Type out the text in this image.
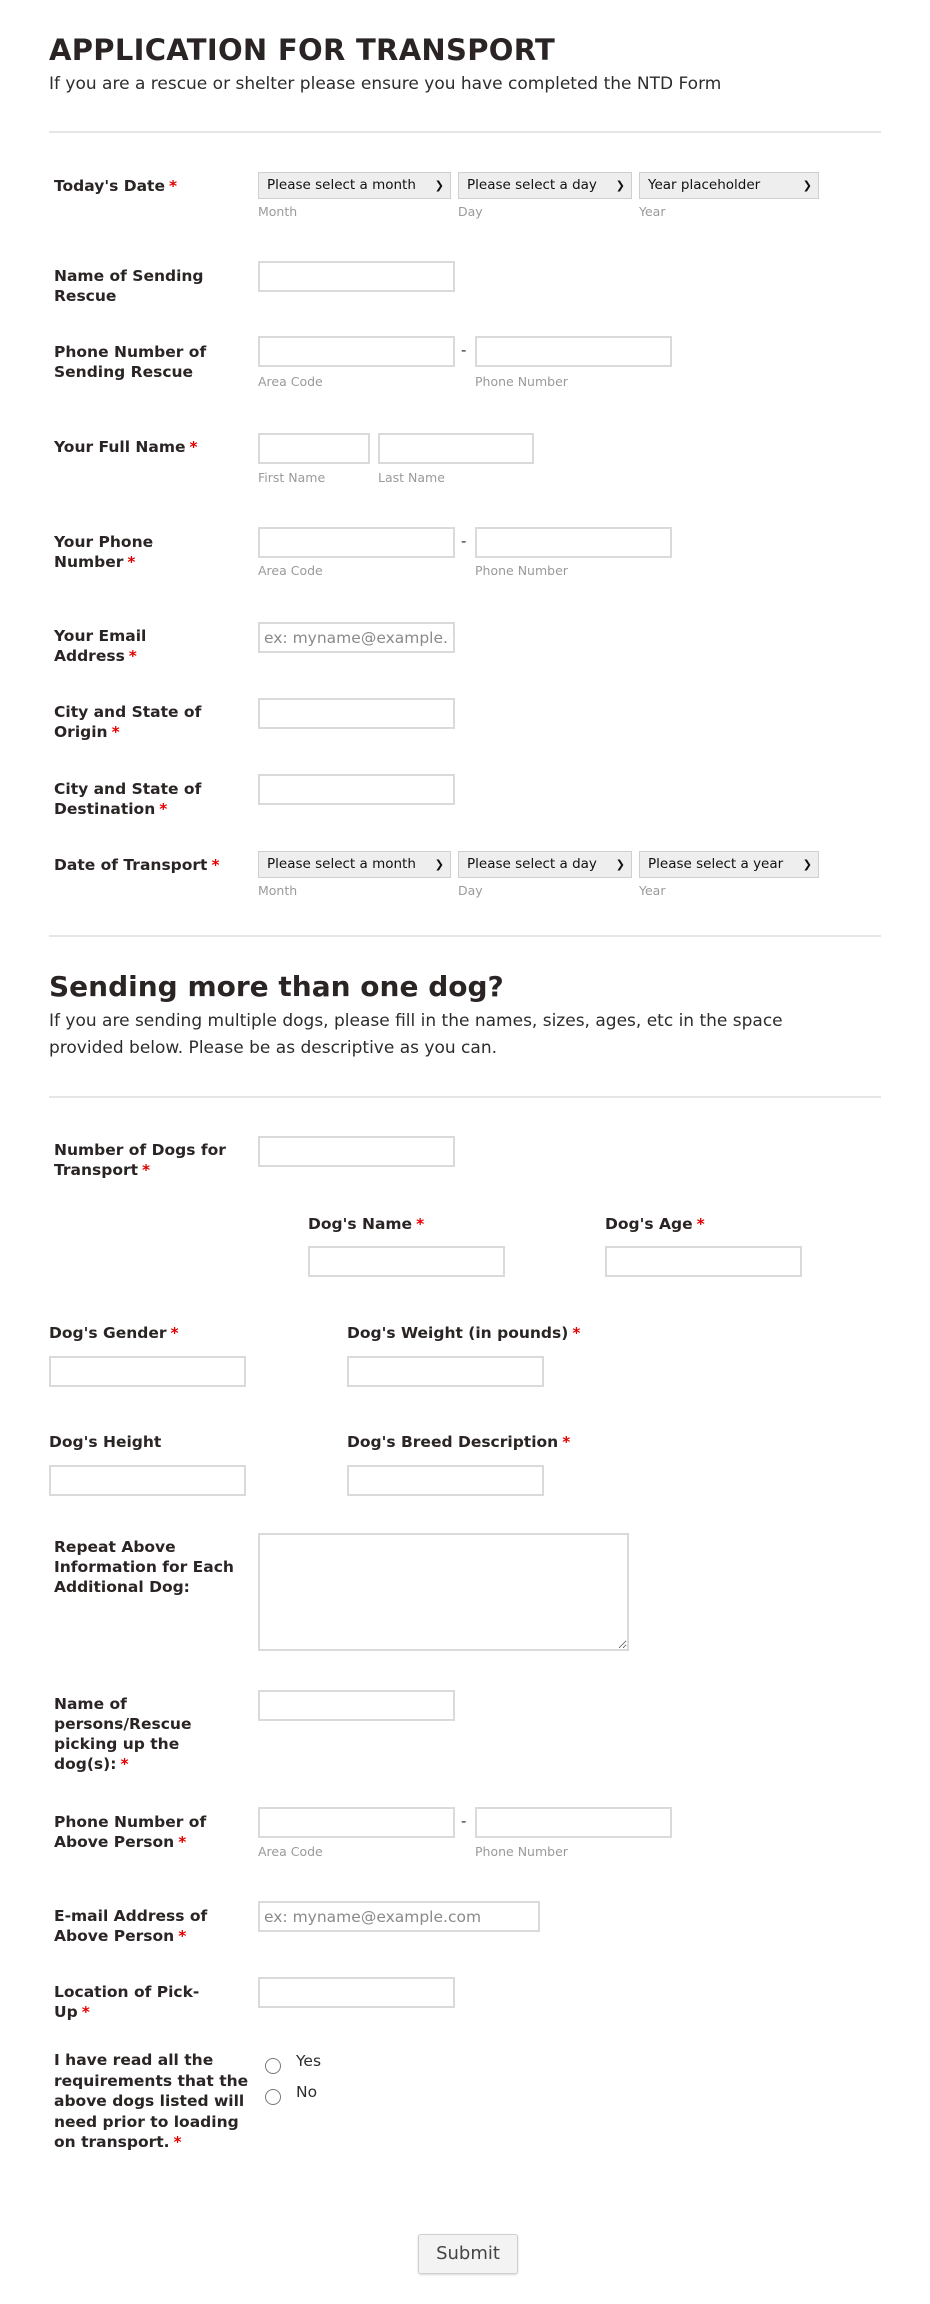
APPLICATION FOR TRANSPORT
If you are a rescue or shelter please ensure you have completed the NTD Form
Today's Date *	Please select a month ❯	Please select a day ❯	Year placeholder	❯
Month	Day	Year
Name of Sending Rescue
Phone Number of Sending Rescue
-
Area Code	Phone Number
Your Full Name *
First Name	Last Name
Your Phone Number *
-
Area Code	Phone Number
Your Email Address *
ex: myname@example.com
City and State of Origin *
City and State of Destination *
Date of Transport *	Please select a month ❯	Please select a day ❯	Please select a year ❯
Month	Day	Year
Sending more than one dog?
If you are sending multiple dogs, please fill in the names, sizes, ages, etc in the space provided below. Please be as descriptive as you can.
Number of Dogs for Transport *
Dog's Name *	Dog's Age *
Dog's Gender *	Dog's Weight (in pounds) *
Dog's Height	Dog's Breed Description *
Repeat Above Information for Each Additional Dog:
Name of persons/Rescue picking up the dog(s): *
Phone Number of Above Person *
-
Area Code	Phone Number
E-mail Address of Above Person *
ex: myname@example.com
Location of Pick-Up *
I have read all the requirements that the above dogs listed will need prior to loading on transport. *
Yes
No
Submit
